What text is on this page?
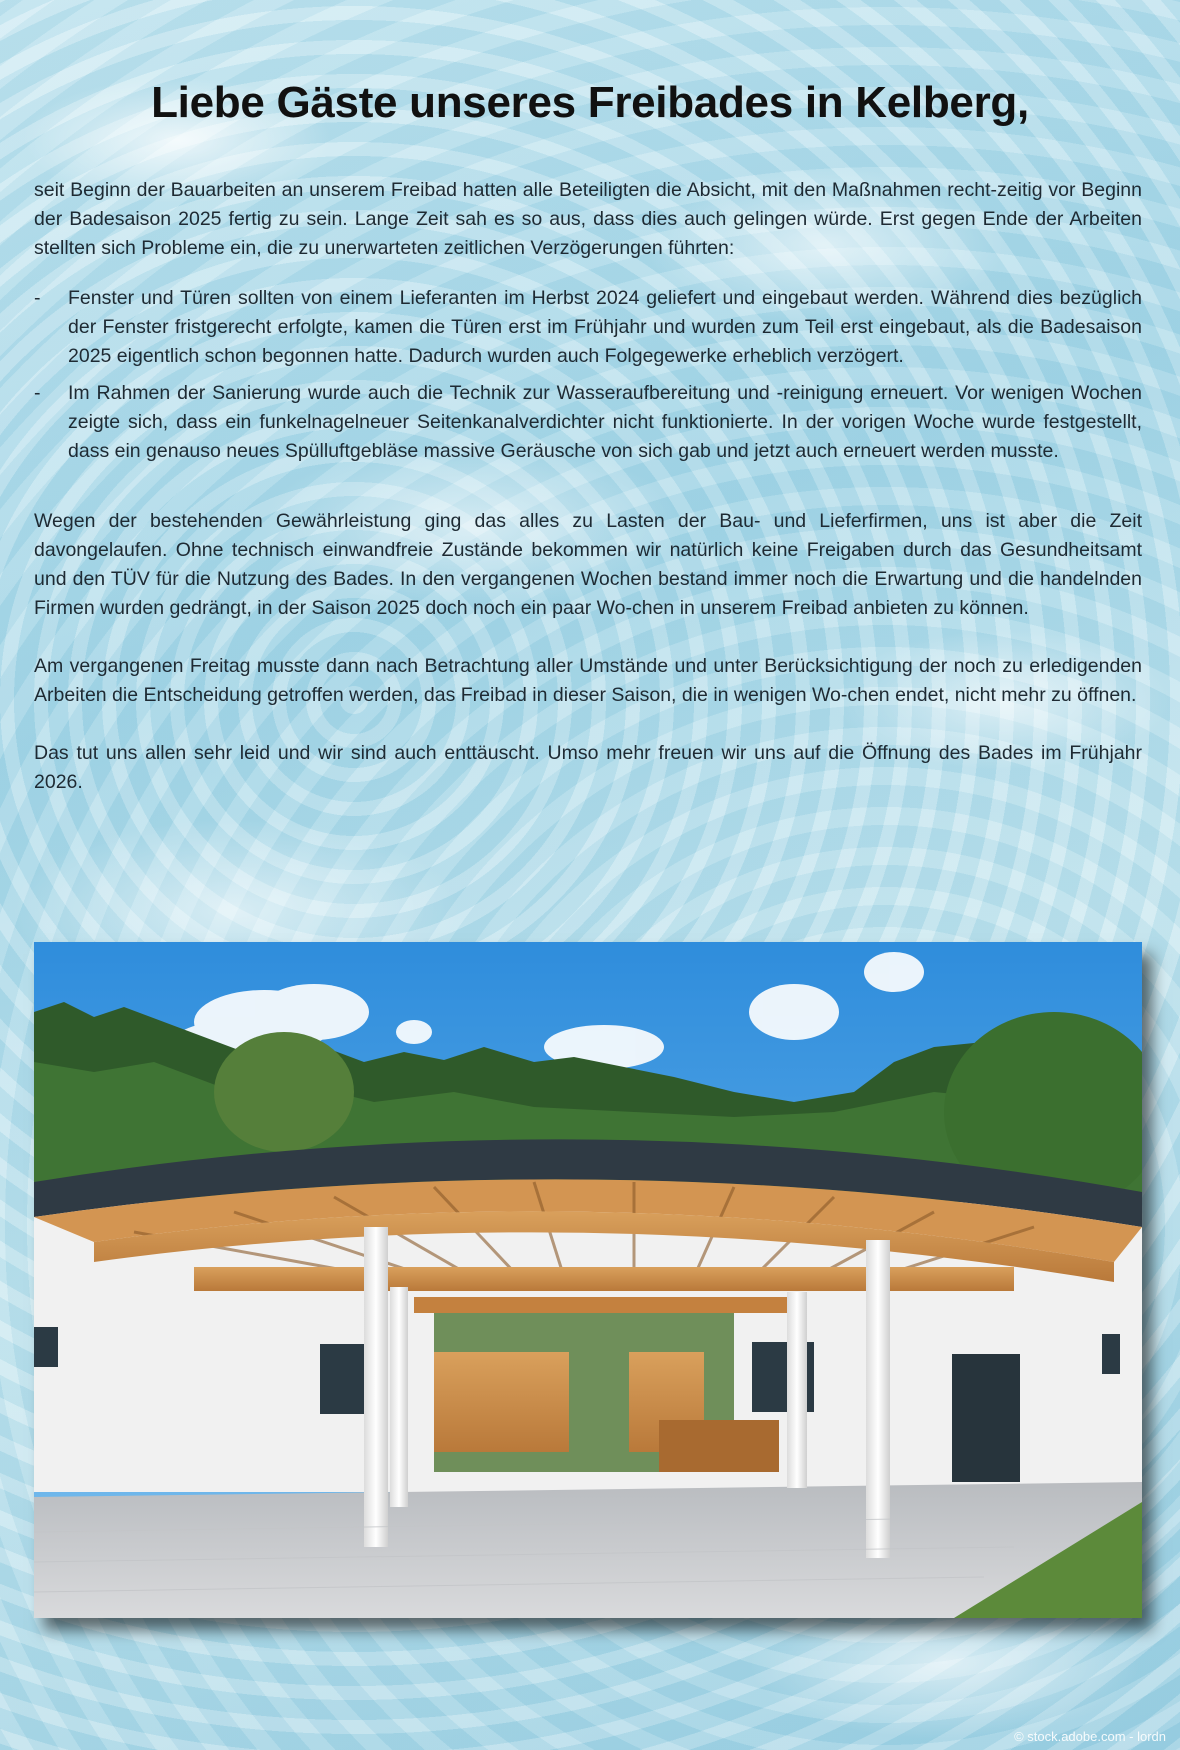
Liebe Gäste unseres Freibades in Kelberg,

seit Beginn der Bauarbeiten an unserem Freibad hatten alle Beteiligten die Absicht, mit den Maßnahmen recht-zeitig vor Beginn der Badesaison 2025 fertig zu sein. Lange Zeit sah es so aus, dass dies auch gelingen würde. Erst gegen Ende der Arbeiten stellten sich Probleme ein, die zu unerwarteten zeitlichen Verzögerungen führten:

- Fenster und Türen sollten von einem Lieferanten im Herbst 2024 geliefert und eingebaut werden. Während dies bezüglich der Fenster fristgerecht erfolgte, kamen die Türen erst im Frühjahr und wurden zum Teil erst eingebaut, als die Badesaison 2025 eigentlich schon begonnen hatte. Dadurch wurden auch Folgegewerke erheblich verzögert.
- Im Rahmen der Sanierung wurde auch die Technik zur Wasseraufbereitung und -reinigung erneuert. Vor wenigen Wochen zeigte sich, dass ein funkelnagelneuer Seitenkanalverdichter nicht funktionierte. In der vorigen Woche wurde festgestellt, dass ein genauso neues Spülluftgebläse massive Geräusche von sich gab und jetzt auch erneuert werden musste.

Wegen der bestehenden Gewährleistung ging das alles zu Lasten der Bau- und Lieferfirmen, uns ist aber die Zeit davongelaufen. Ohne technisch einwandfreie Zustände bekommen wir natürlich keine Freigaben durch das Gesundheitsamt und den TÜV für die Nutzung des Bades. In den vergangenen Wochen bestand immer noch die Erwartung und die handelnden Firmen wurden gedrängt, in der Saison 2025 doch noch ein paar Wo-chen in unserem Freibad anbieten zu können.

Am vergangenen Freitag musste dann nach Betrachtung aller Umstände und unter Berücksichtigung der noch zu erledigenden Arbeiten die Entscheidung getroffen werden, das Freibad in dieser Saison, die in wenigen Wo-chen endet, nicht mehr zu öffnen.

Das tut uns allen sehr leid und wir sind auch enttäuscht. Umso mehr freuen wir uns auf die Öffnung des Bades im Frühjahr 2026.

© stock.adobe.com - lordn
